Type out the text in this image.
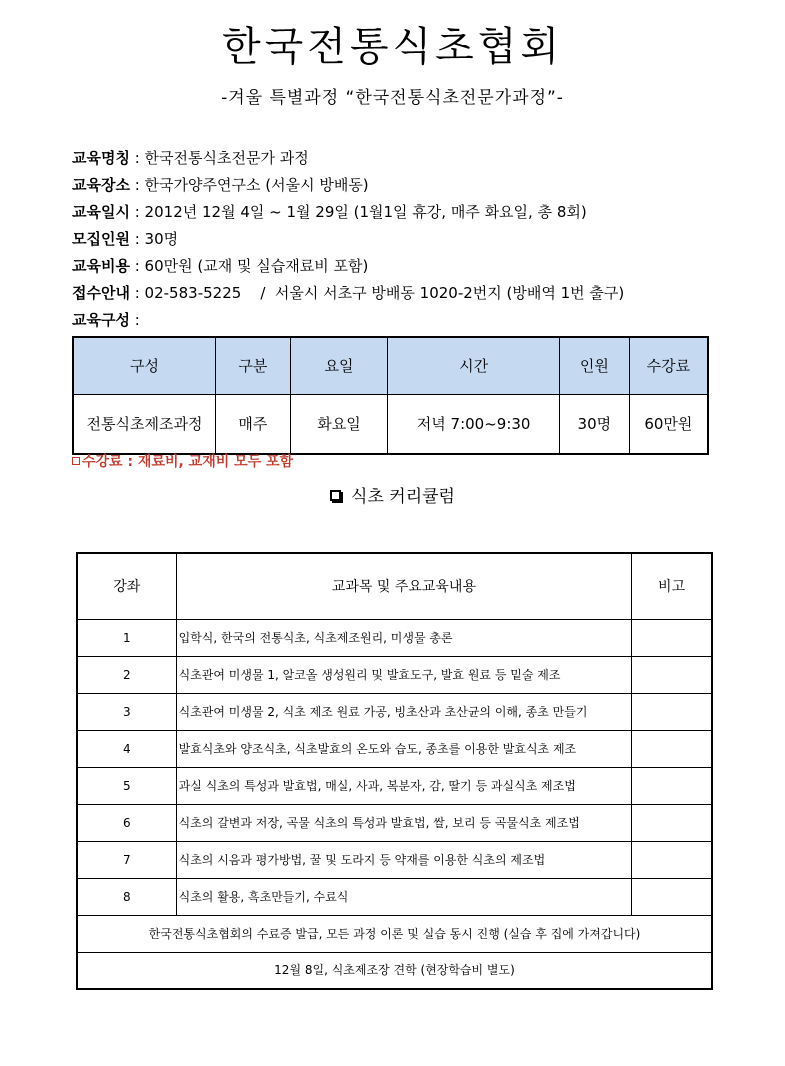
한국전통식초협회
-겨울 특별과정 “한국전통식초전문가과정”-
교육명칭 : 한국전통식초전문가 과정
교육장소 : 한국가양주연구소 (서울시 방배동)
교육일시 : 2012년 12월 4일 ~ 1월 29일 (1월1일 휴강, 매주 화요일, 총 8회)
모집인원 : 30명
교육비용 : 60만원 (교재 및 실습재료비 포함)
접수안내 : 02-583-5225    /  서울시 서초구 방배동 1020-2번지 (방배역 1번 출구)
교육구성 :
구성	구분	요일	시간	인원	수강료
전통식초제조과정	매주	화요일	저녁 7:00~9:30	30명	60만원
수강료 : 재료비, 교재비 모두 포함
식초 커리큘럼
강좌	교과목 및 주요교육내용	비고
1	입학식, 한국의 전통식초, 식초제조원리, 미생물 총론	
2	식초관여 미생물 1, 알코올 생성원리 및 발효도구, 발효 원료 등 밑술 제조	
3	식초관여 미생물 2, 식초 제조 원료 가공, 빙초산과 초산균의 이해, 종초 만들기	
4	발효식초와 양조식초, 식초발효의 온도와 습도, 종초를 이용한 발효식초 제조	
5	과실 식초의 특성과 발효법, 매실, 사과, 복분자, 감, 딸기 등 과실식초 제조법	
6	식초의 갈변과 저장, 곡물 식초의 특성과 발효법, 쌀, 보리 등 곡물식초 제조법	
7	식초의 시음과 평가방법, 꿀 및 도라지 등 약재를 이용한 식초의 제조법	
8	식초의 활용, 흑초만들기, 수료식	
한국전통식초협회의 수료증 발급, 모든 과정 이론 및 실습 동시 진행 (실습 후 집에 가져갑니다)		
12월 8일, 식초제조장 견학 (현장학습비 별도)		
